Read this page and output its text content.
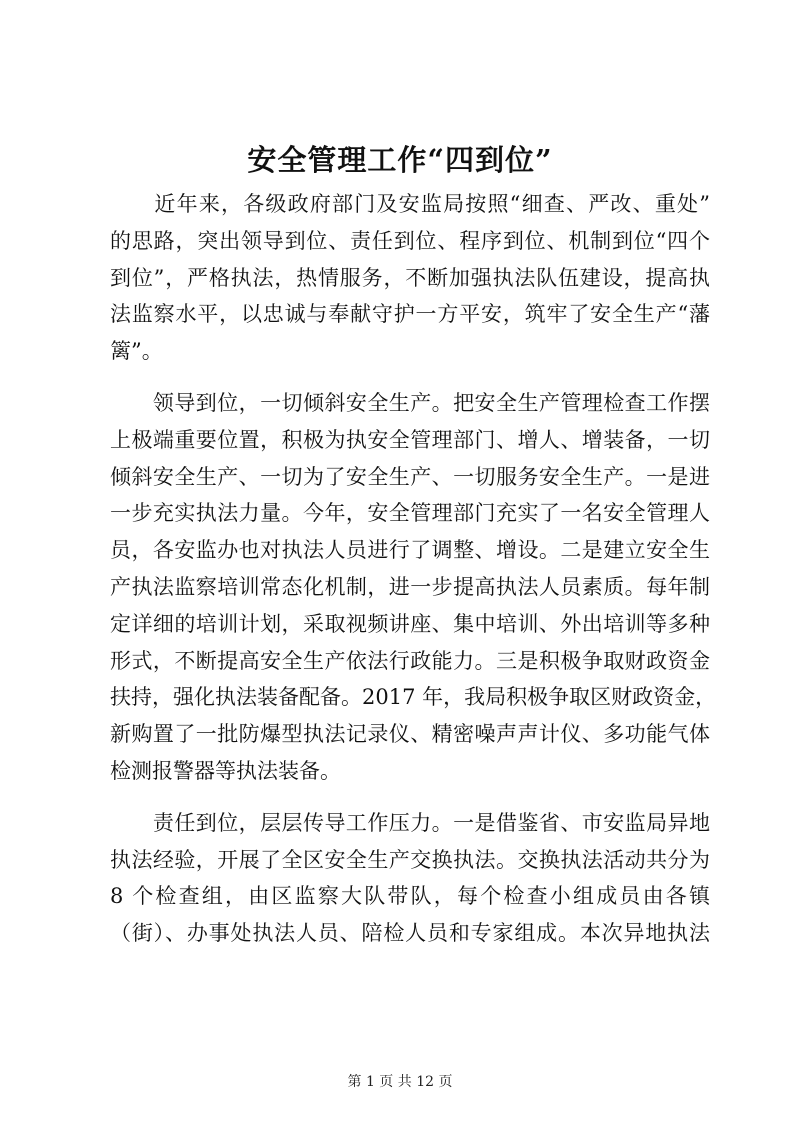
安全管理工作“四到位”
　　近年来，各级政府部门及安监局按照“细查、严改、重处”
的思路，突出领导到位、责任到位、程序到位、机制到位“四个
到位”，严格执法，热情服务，不断加强执法队伍建设，提高执
法监察水平，以忠诚与奉献守护一方平安，筑牢了安全生产“藩
篱”。
　　领导到位，一切倾斜安全生产。把安全生产管理检查工作摆
上极端重要位置，积极为执安全管理部门、增人、增装备，一切
倾斜安全生产、一切为了安全生产、一切服务安全生产。一是进
一步充实执法力量。今年，安全管理部门充实了一名安全管理人
员，各安监办也对执法人员进行了调整、增设。二是建立安全生
产执法监察培训常态化机制，进一步提高执法人员素质。每年制
定详细的培训计划，采取视频讲座、集中培训、外出培训等多种
形式，不断提高安全生产依法行政能力。三是积极争取财政资金
扶持，强化执法装备配备。2017 年，我局积极争取区财政资金，
新购置了一批防爆型执法记录仪、精密噪声声计仪、多功能气体
检测报警器等执法装备。
　　责任到位，层层传导工作压力。一是借鉴省、市安监局异地
执法经验，开展了全区安全生产交换执法。交换执法活动共分为
8 个检查组，由区监察大队带队，每个检查小组成员由各镇
（街）、办事处执法人员、陪检人员和专家组成。本次异地执法
第 1 页 共 12 页
